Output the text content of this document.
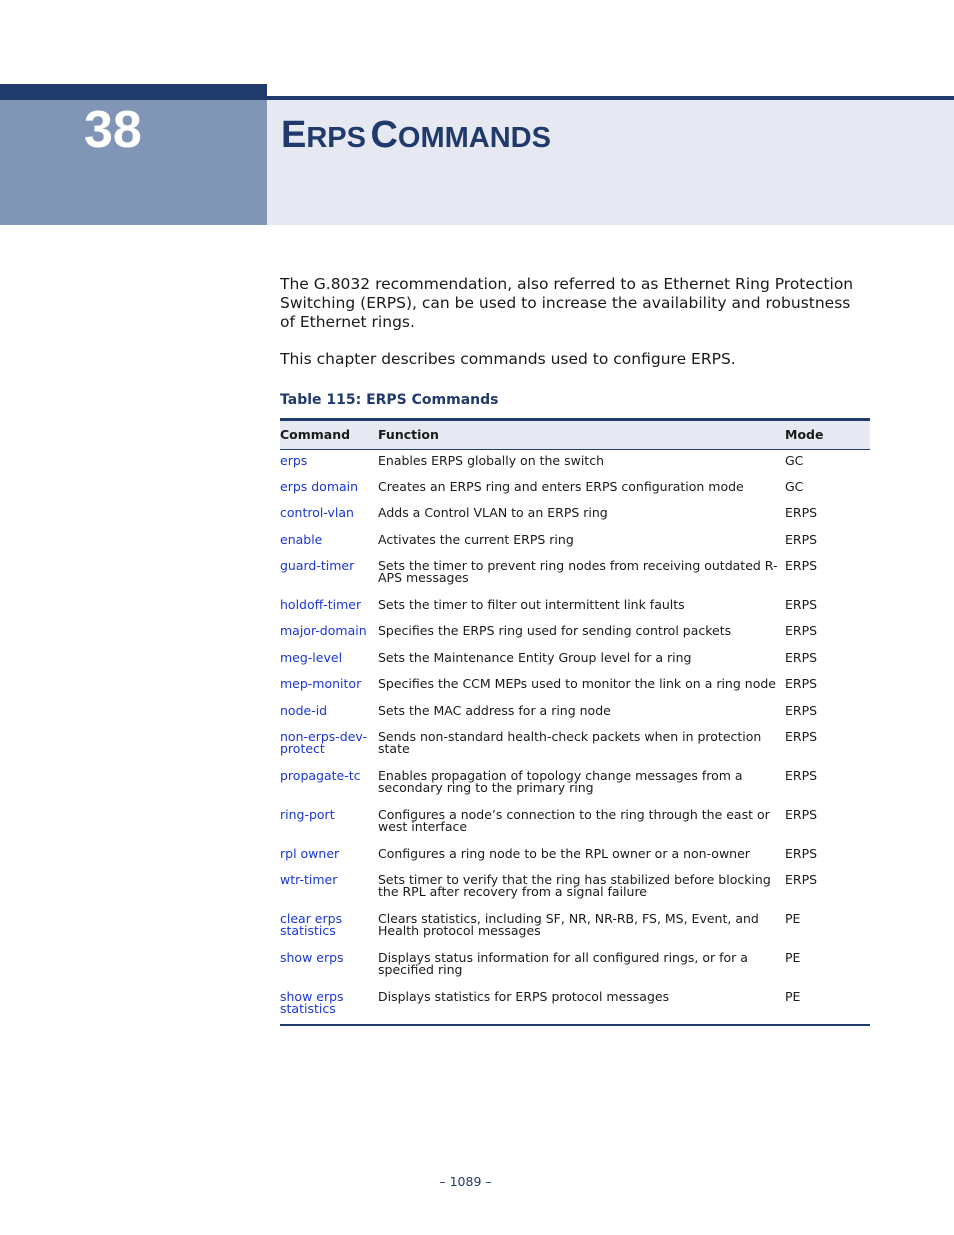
38	ERPS COMMANDS

The G.8032 recommendation, also referred to as Ethernet Ring Protection Switching (ERPS), can be used to increase the availability and robustness of Ethernet rings.

This chapter describes commands used to configure ERPS.

Table 115: ERPS Commands
Command	Function	Mode
erps	Enables ERPS globally on the switch	GC
erps domain	Creates an ERPS ring and enters ERPS configuration mode	GC
control-vlan	Adds a Control VLAN to an ERPS ring	ERPS
enable	Activates the current ERPS ring	ERPS
guard-timer	Sets the timer to prevent ring nodes from receiving outdated R-APS messages	ERPS
holdoff-timer	Sets the timer to filter out intermittent link faults	ERPS
major-domain	Specifies the ERPS ring used for sending control packets	ERPS
meg-level	Sets the Maintenance Entity Group level for a ring	ERPS
mep-monitor	Specifies the CCM MEPs used to monitor the link on a ring node	ERPS
node-id	Sets the MAC address for a ring node	ERPS
non-erps-dev-protect	Sends non-standard health-check packets when in protection state	ERPS
propagate-tc	Enables propagation of topology change messages from a secondary ring to the primary ring	ERPS
ring-port	Configures a node’s connection to the ring through the east or west interface	ERPS
rpl owner	Configures a ring node to be the RPL owner or a non-owner	ERPS
wtr-timer	Sets timer to verify that the ring has stabilized before blocking the RPL after recovery from a signal failure	ERPS
clear erps statistics	Clears statistics, including SF, NR, NR-RB, FS, MS, Event, and Health protocol messages	PE
show erps	Displays status information for all configured rings, or for a specified ring	PE
show erps statistics	Displays statistics for ERPS protocol messages	PE
– 1089 –
